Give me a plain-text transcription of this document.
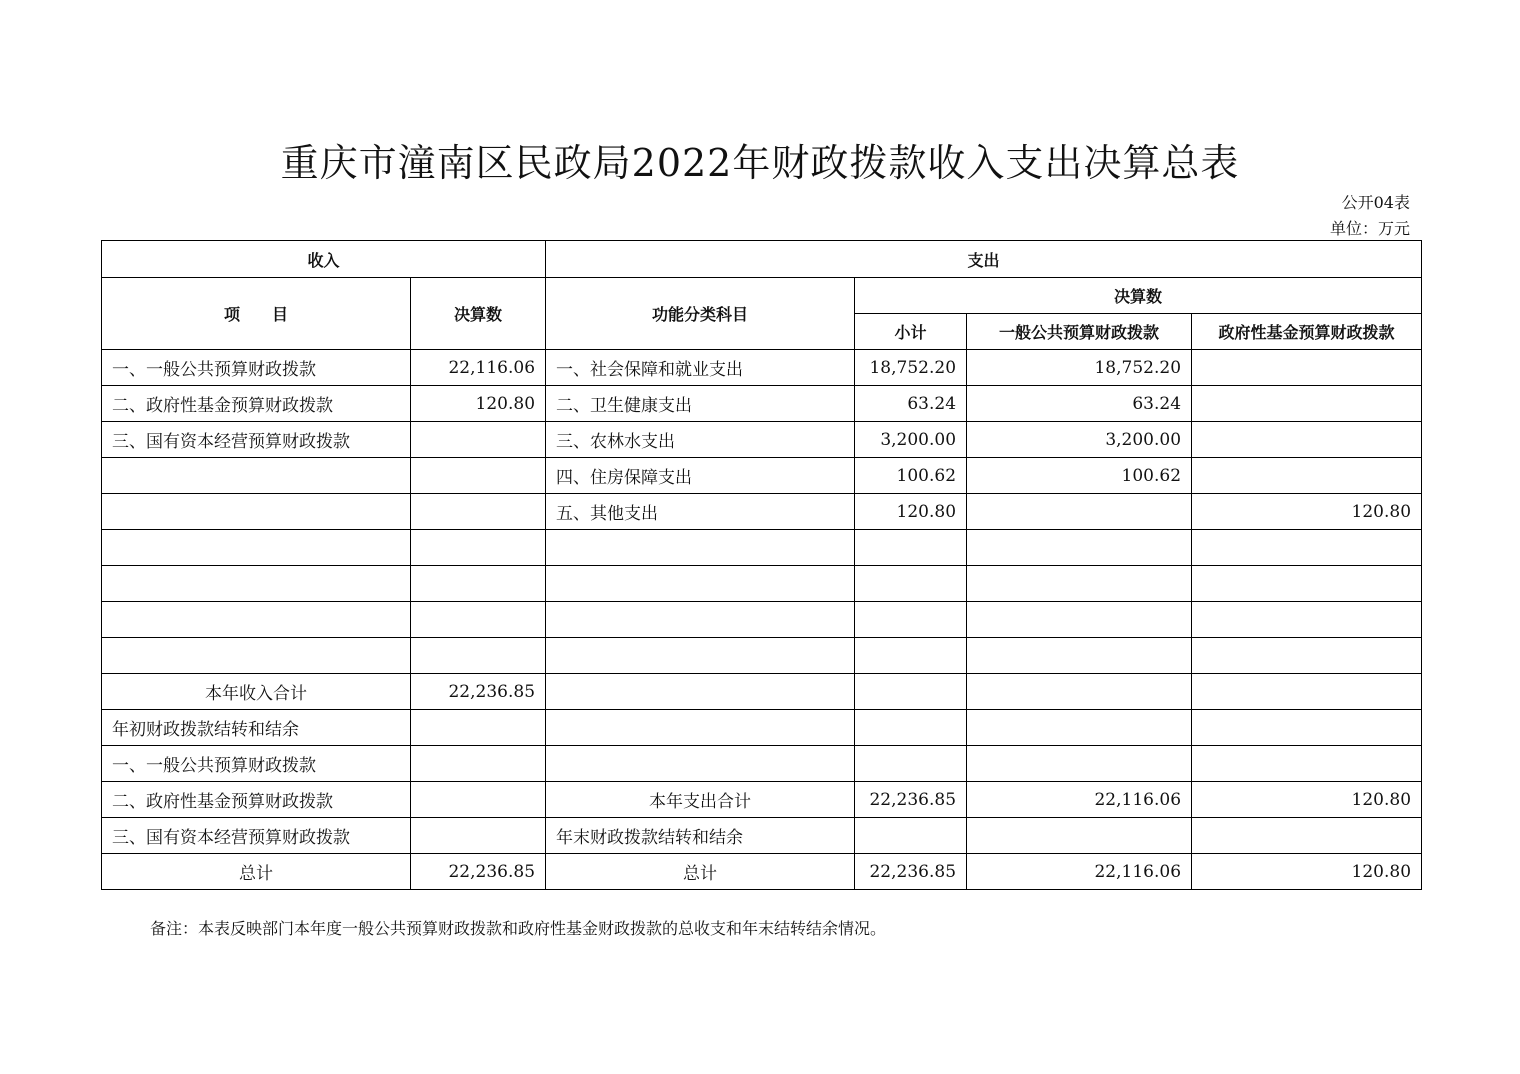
重庆市潼南区民政局2022年财政拨款收入支出决算总表
公开04表
单位：万元
收入		支出			
项　　目	决算数	功能分类科目	决算数		
			小计	一般公共预算财政拨款	政府性基金预算财政拨款
一、一般公共预算财政拨款	22,116.06	一、社会保障和就业支出	18,752.20	18,752.20	
二、政府性基金预算财政拨款	120.80	二、卫生健康支出	63.24	63.24	
三、国有资本经营预算财政拨款		三、农林水支出	3,200.00	3,200.00	
		四、住房保障支出	100.62	100.62	
		五、其他支出	120.80		120.80

本年收入合计	22,236.85				
年初财政拨款结转和结余					
一、一般公共预算财政拨款					
二、政府性基金预算财政拨款		本年支出合计	22,236.85	22,116.06	120.80
三、国有资本经营预算财政拨款		年末财政拨款结转和结余			
总计	22,236.85	总计	22,236.85	22,116.06	120.80
备注：本表反映部门本年度一般公共预算财政拨款和政府性基金财政拨款的总收支和年末结转结余情况。
